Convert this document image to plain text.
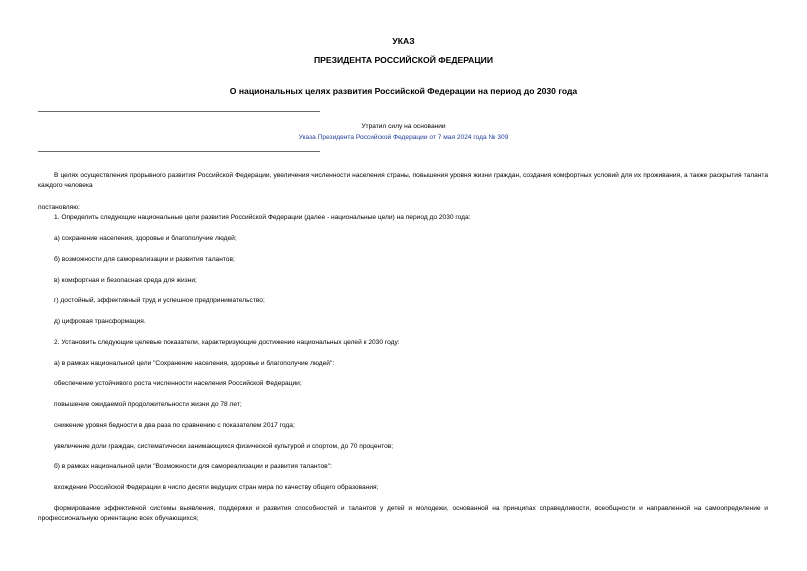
УКАЗ
ПРЕЗИДЕНТА РОССИЙСКОЙ ФЕДЕРАЦИИ
О национальных целях развития Российской Федерации на период до 2030 года
Утратил силу на основании
Указа Президента Российской Федерации от 7 мая 2024 года № 309
В целях осуществления прорывного развития Российской Федерации, увеличения численности населения страны, повышения уровня жизни граждан, создания комфортных условий для их проживания, а также раскрытия таланта каждого человека
постановляю:
1. Определить следующие национальные цели развития Российской Федерации (далее - национальные цели) на период до 2030 года:
а) сохранение населения, здоровье и благополучие людей;
б) возможности для самореализации и развития талантов;
в) комфортная и безопасная среда для жизни;
г) достойный, эффективный труд и успешное предпринимательство;
д) цифровая трансформация.
2. Установить следующие целевые показатели, характеризующие достижение национальных целей к 2030 году:
а) в рамках национальной цели "Сохранение населения, здоровье и благополучие людей":
обеспечение устойчивого роста численности населения Российской Федерации;
повышение ожидаемой продолжительности жизни до 78 лет;
снижение уровня бедности в два раза по сравнению с показателем 2017 года;
увеличение доли граждан, систематически занимающихся физической культурой и спортом, до 70 процентов;
б) в рамках национальной цели "Возможности для самореализации и развития талантов":
вхождение Российской Федерации в число десяти ведущих стран мира по качеству общего образования;
формирование эффективной системы выявления, поддержки и развития способностей и талантов у детей и молодежи, основанной на принципах справедливости, всеобщности и направленной на самоопределение и профессиональную ориентацию всех обучающихся;
